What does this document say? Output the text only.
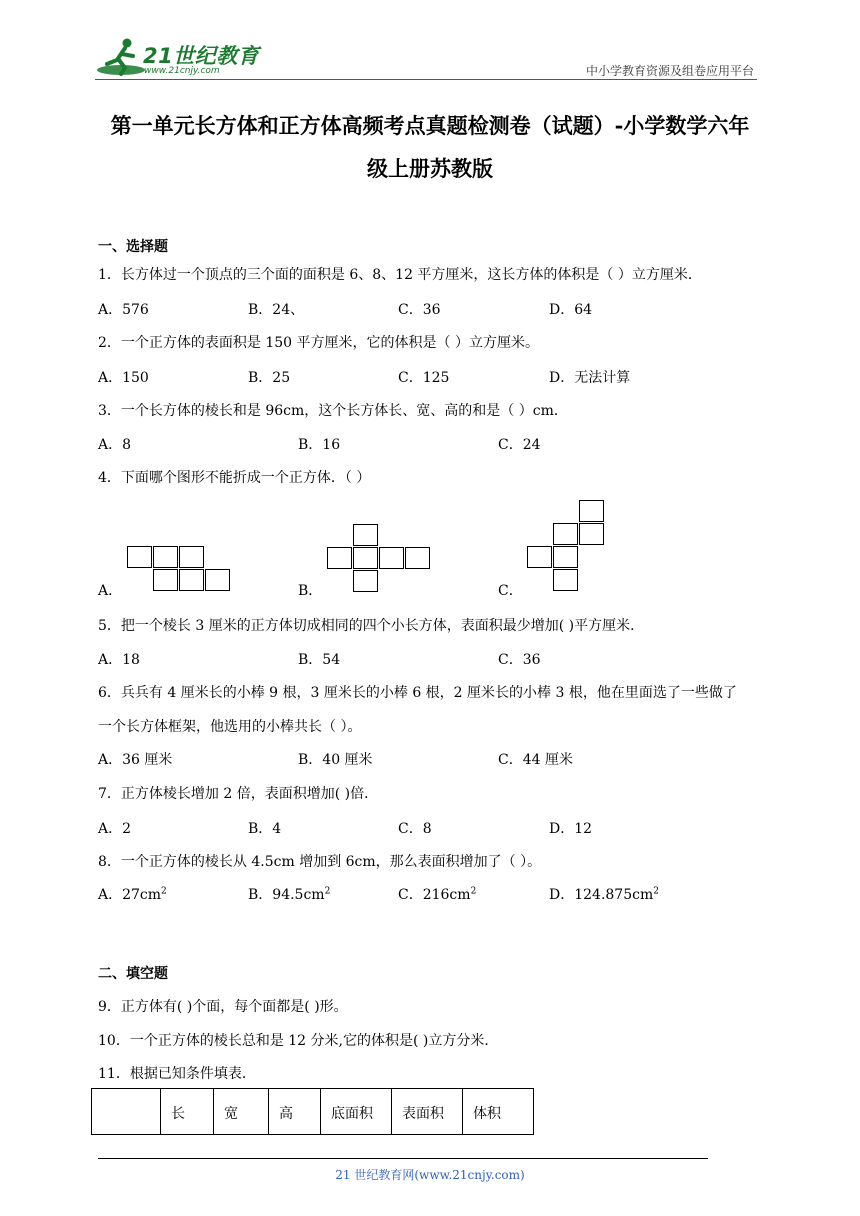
21世纪教育
www.21cnjy.com	中小学教育资源及组卷应用平台
第一单元长方体和正方体高频考点真题检测卷（试题）-小学数学六年
级上册苏教版
一、选择题
1．长方体过一个顶点的三个面的面积是 6、8、12 平方厘米，这长方体的体积是（ ）立方厘米．
A．576	B．24、	C．36	D．64
2．一个正方体的表面积是 150 平方厘米，它的体积是（ ）立方厘米。
A．150	B．25	C．125	D．无法计算
3．一个长方体的棱长和是 96cm，这个长方体长、宽、高的和是（ ）cm．
A．8	B．16	C．24
4．下面哪个图形不能折成一个正方体．（ ）
A．	B．	C．
5．把一个棱长 3 厘米的正方体切成相同的四个小长方体，表面积最少增加( )平方厘米．
A．18	B．54	C．36
6．兵兵有 4 厘米长的小棒 9 根，3 厘米长的小棒 6 根，2 厘米长的小棒 3 根，他在里面选了一些做了
一个长方体框架，他选用的小棒共长（ ）。
A．36 厘米	B．40 厘米	C．44 厘米
7．正方体棱长增加 2 倍，表面积增加( )倍．
A．2	B．4	C．8	D．12
8．一个正方体的棱长从 4.5cm 增加到 6cm，那么表面积增加了（ ）。
A．$27cm^2$	B．$94.5cm^2$	C．$216cm^2$	D．$124.875cm^2$
二、填空题
9．正方体有( )个面，每个面都是( )形。
10．一个正方体的棱长总和是 12 分米,它的体积是( )立方分米．
11．根据已知条件填表．
	长	宽	高	底面积	表面积	体积
21 世纪教育网(www.21cnjy.com)
